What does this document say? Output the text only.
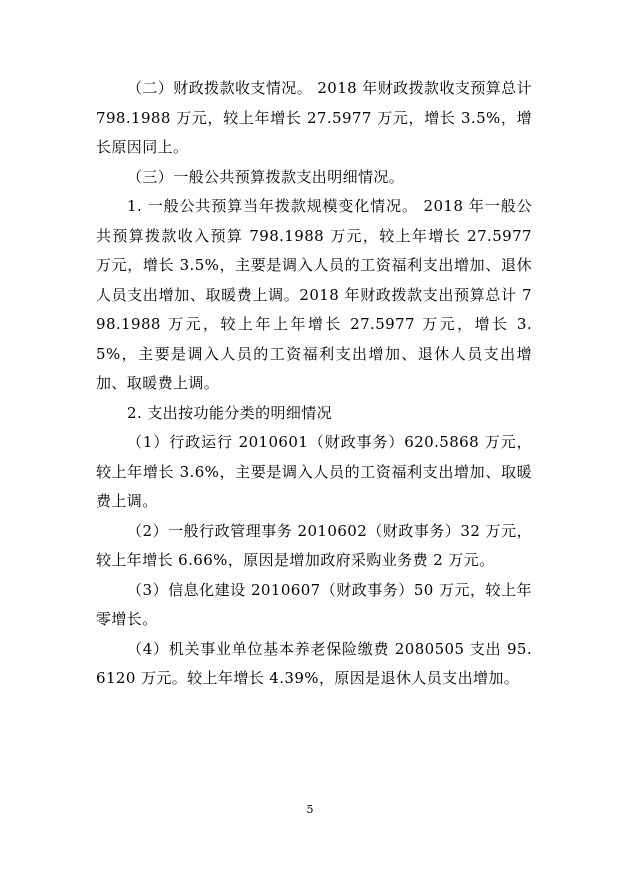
（二）财政拨款收支情况。 2018 年财政拨款收支预算总计 798.1988 万元，较上年增长 27.5977 万元，增长 3.5%，增长原因同上。

（三）一般公共预算拨款支出明细情况。

1. 一般公共预算当年拨款规模变化情况。 2018 年一般公共预算拨款收入预算 798.1988 万元，较上年增长 27.5977 万元，增长 3.5%，主要是调入人员的工资福利支出增加、退休人员支出增加、取暖费上调。2018 年财政拨款支出预算总计 798.1988 万元，较上年上年增长 27.5977 万元，增长 3.5%，主要是调入人员的工资福利支出增加、退休人员支出增加、取暖费上调。

2. 支出按功能分类的明细情况

（1）行政运行 2010601（财政事务）620.5868 万元，较上年增长 3.6%，主要是调入人员的工资福利支出增加、取暖费上调。

（2）一般行政管理事务 2010602（财政事务）32 万元，较上年增长 6.66%，原因是增加政府采购业务费 2 万元。

（3）信息化建设 2010607（财政事务）50 万元，较上年零增长。

（4）机关事业单位基本养老保险缴费 2080505 支出 95.6120 万元。较上年增长 4.39%，原因是退休人员支出增加。

5
